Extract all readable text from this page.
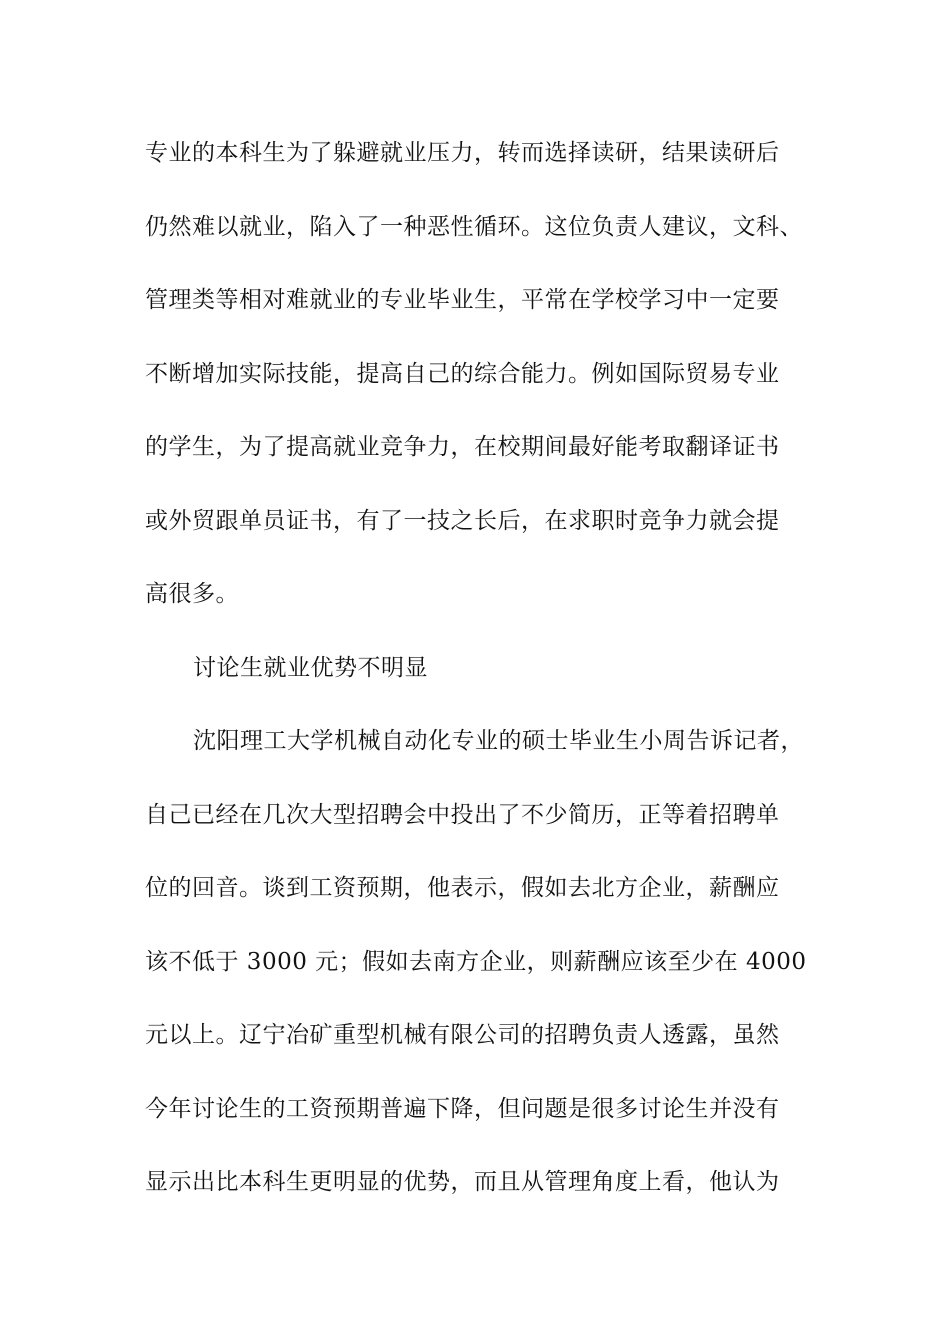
专业的本科生为了躲避就业压力，转而选择读研，结果读研后
仍然难以就业，陷入了一种恶性循环。这位负责人建议，文科、
管理类等相对难就业的专业毕业生，平常在学校学习中一定要
不断增加实际技能，提高自己的综合能力。例如国际贸易专业
的学生，为了提高就业竞争力，在校期间最好能考取翻译证书
或外贸跟单员证书，有了一技之长后，在求职时竞争力就会提
高很多。
讨论生就业优势不明显
沈阳理工大学机械自动化专业的硕士毕业生小周告诉记者，
自己已经在几次大型招聘会中投出了不少简历，正等着招聘单
位的回音。谈到工资预期，他表示，假如去北方企业，薪酬应
该不低于 3000 元；假如去南方企业，则薪酬应该至少在 4000
元以上。辽宁冶矿重型机械有限公司的招聘负责人透露，虽然
今年讨论生的工资预期普遍下降，但问题是很多讨论生并没有
显示出比本科生更明显的优势，而且从管理角度上看，他认为
